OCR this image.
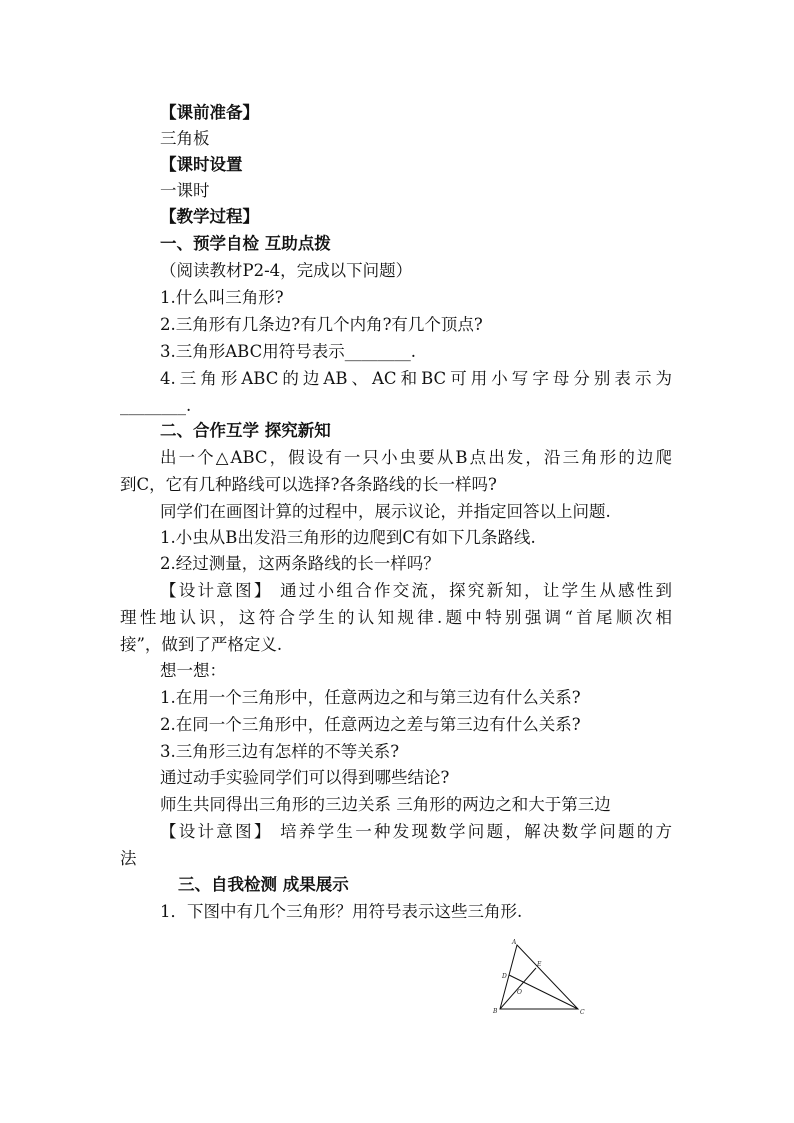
【课前准备】
三角板
【课时设置
一课时
【教学过程】
一、预学自检 互助点拨
（阅读教材P2-4，完成以下问题）
1.什么叫三角形?
2.三角形有几条边?有几个内角?有几个顶点?
3.三角形ABC用符号表示________.
4.三角形ABC的边AB、AC和BC可用小写字母分别表示为
________.
二、合作互学 探究新知
出一个△ABC，假设有一只小虫要从B点出发，沿三角形的边爬
到C，它有几种路线可以选择?各条路线的长一样吗?
同学们在画图计算的过程中，展示议论，并指定回答以上问题.
1.小虫从B出发沿三角形的边爬到C有如下几条路线.
2.经过测量，这两条路线的长一样吗？
【设计意图】 通过小组合作交流，探究新知，让学生从感性到
理性地认识，这符合学生的认知规律.题中特别强调“首尾顺次相
接”，做到了严格定义.
想一想：
1.在用一个三角形中，任意两边之和与第三边有什么关系?
2.在同一个三角形中，任意两边之差与第三边有什么关系?
3.三角形三边有怎样的不等关系?
通过动手实验同学们可以得到哪些结论?
师生共同得出三角形的三边关系 三角形的两边之和大于第三边
【设计意图】 培养学生一种发现数学问题，解决数学问题的方
法
三、自我检测 成果展示
1．下图中有几个三角形？用符号表示这些三角形.
A
B	C
D
E
O
